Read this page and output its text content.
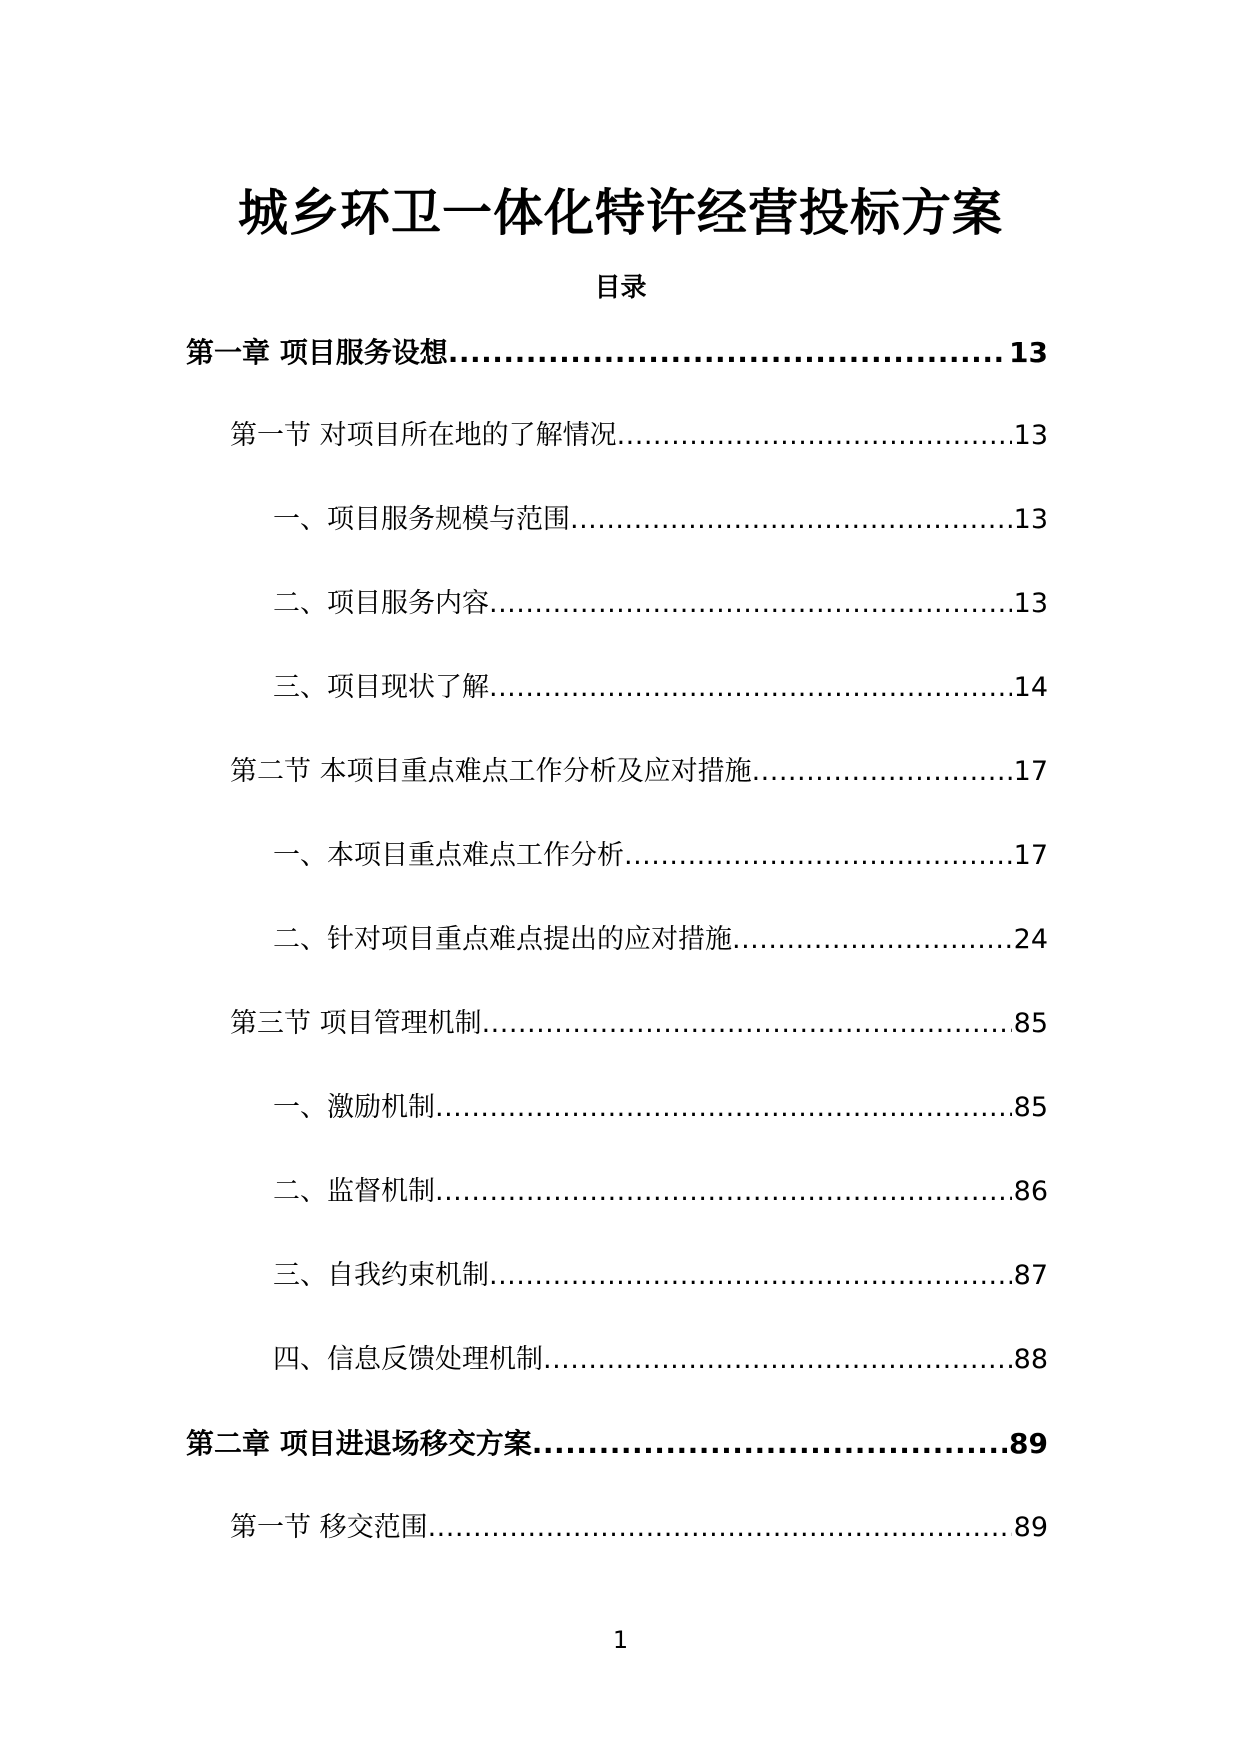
城乡环卫一体化特许经营投标方案
目录
第一章 项目服务设想 .....	13
第一节 对项目所在地的了解情况 .....	13
一、项目服务规模与范围 .....	13
二、项目服务内容 .....	13
三、项目现状了解 .....	14
第二节 本项目重点难点工作分析及应对措施 .....	17
一、本项目重点难点工作分析 .....	17
二、针对项目重点难点提出的应对措施 .....	24
第三节 项目管理机制 .....	85
一、激励机制 .....	85
二、监督机制 .....	86
三、自我约束机制 .....	87
四、信息反馈处理机制 .....	88
第二章 项目进退场移交方案 .....	89
第一节 移交范围 .....	89
1
